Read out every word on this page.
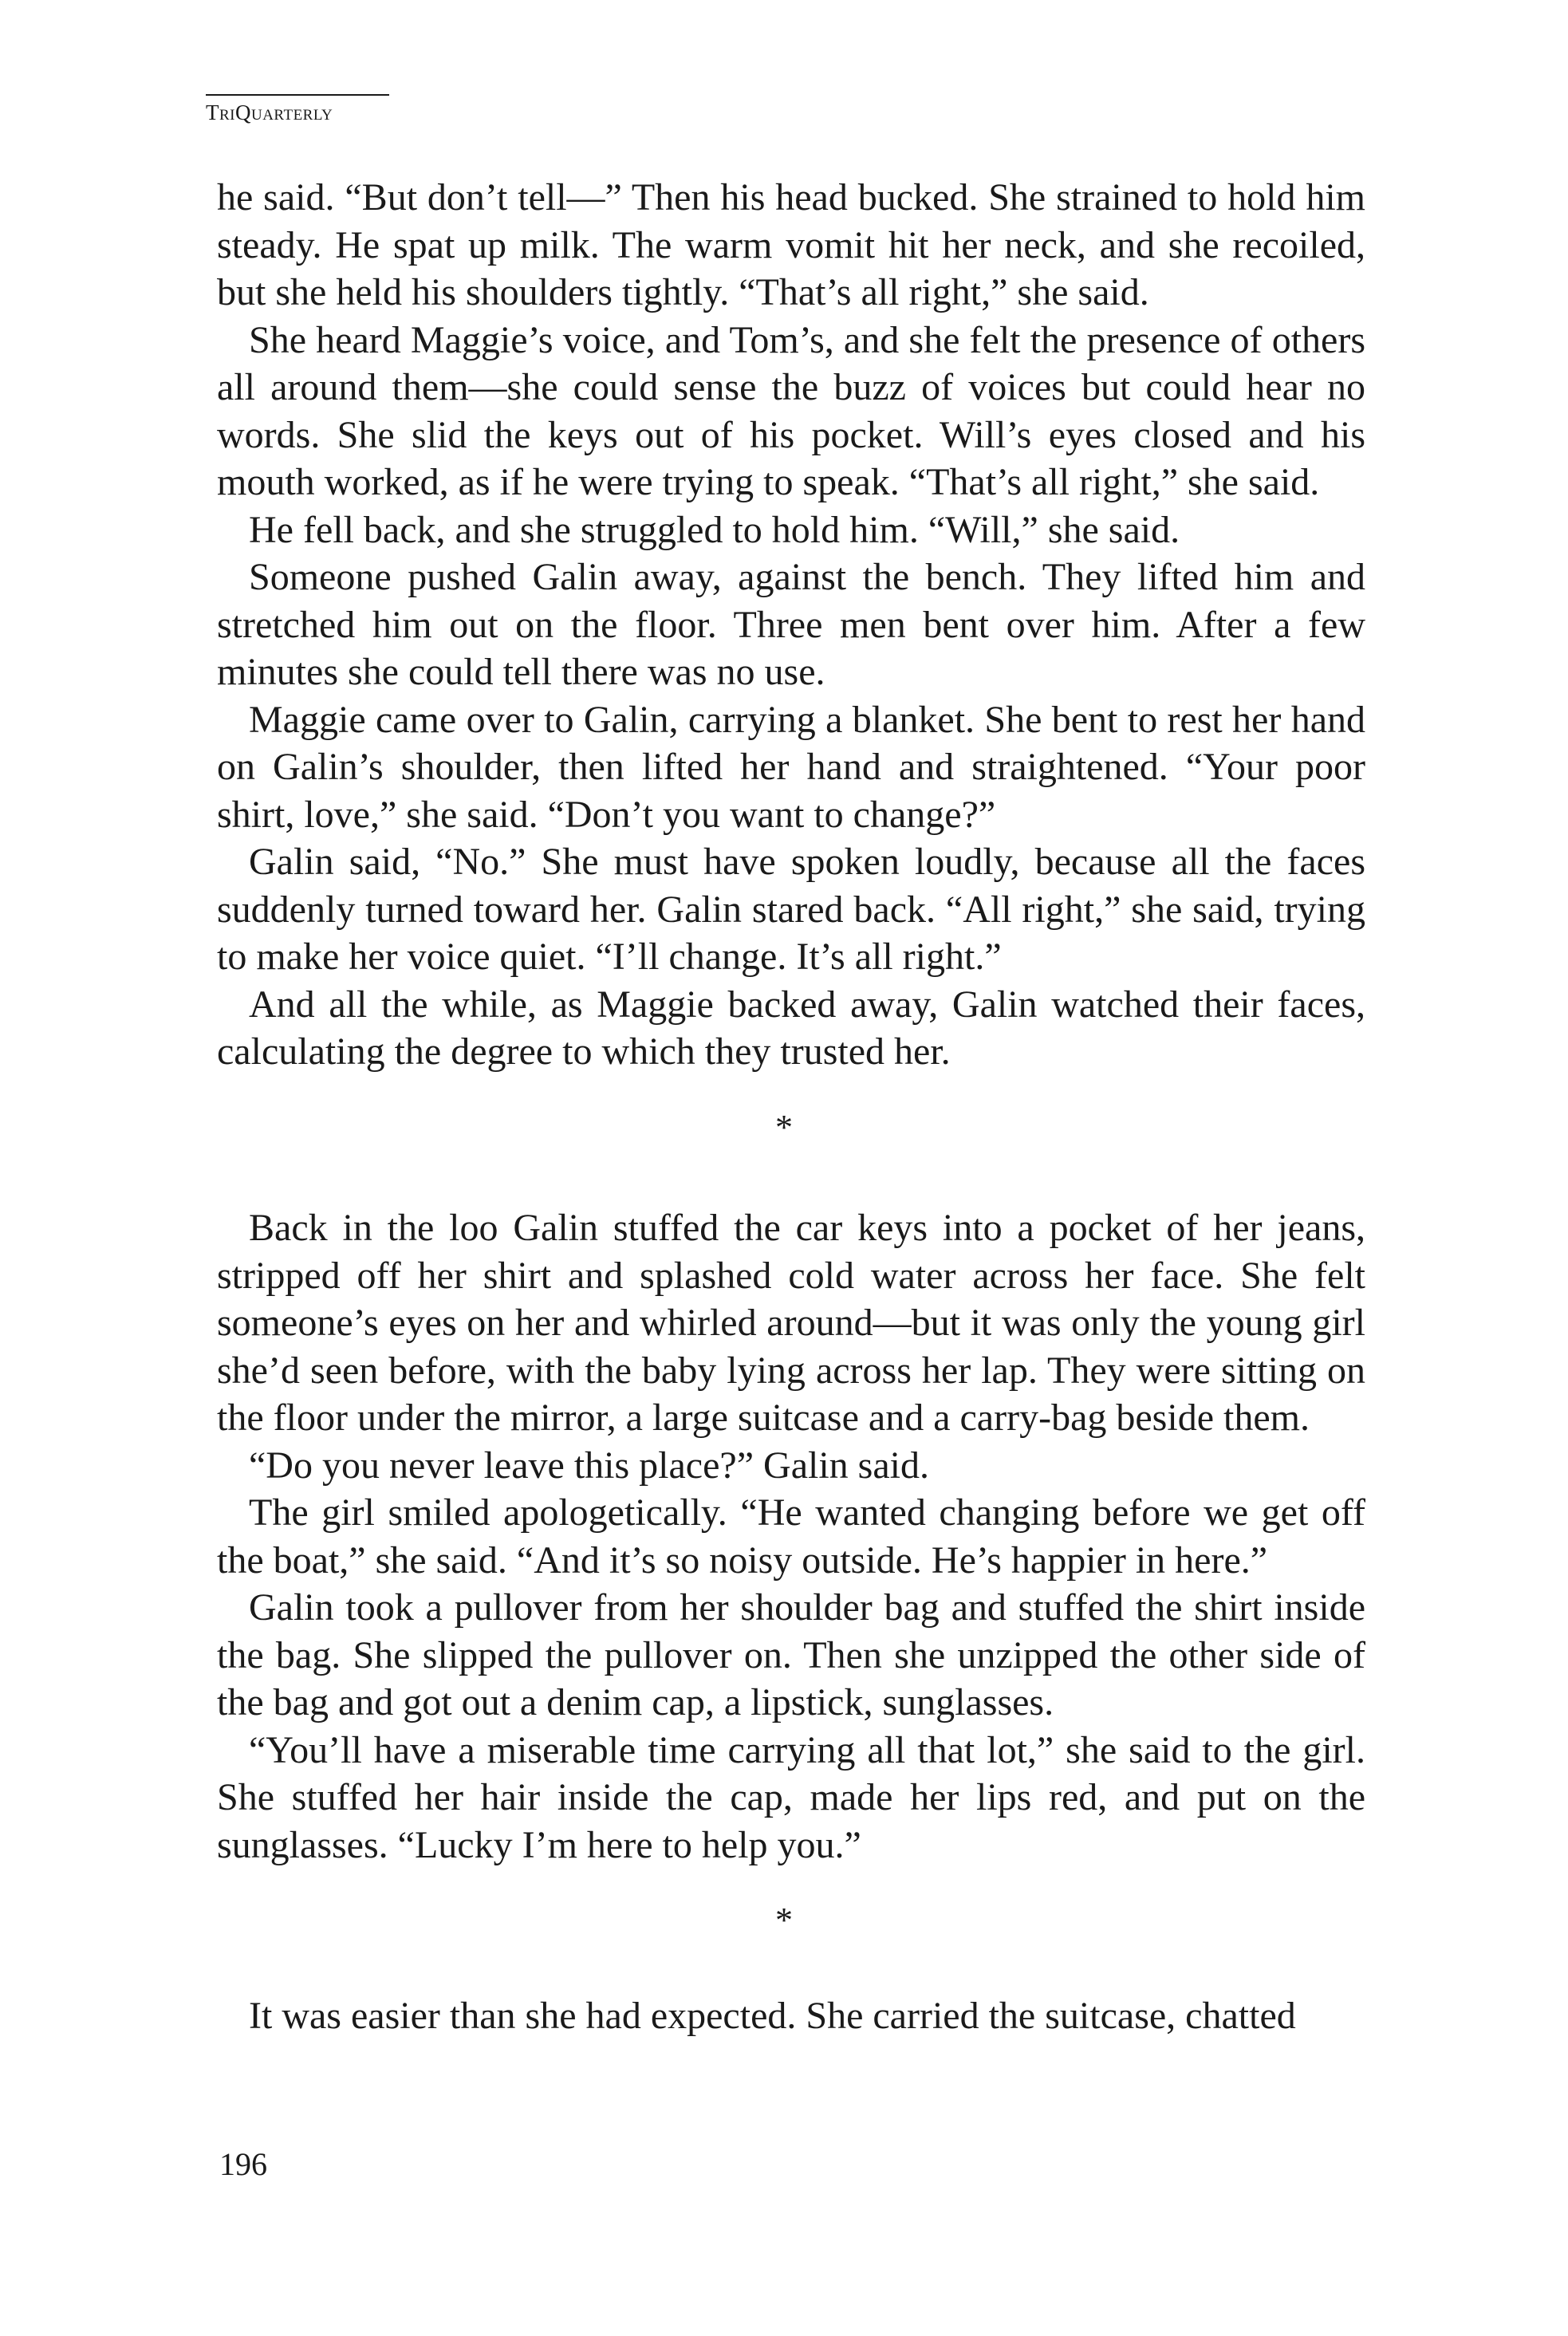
TriQuarterly

he said. “But don’t tell—” Then his head bucked. She strained to hold him steady. He spat up milk. The warm vomit hit her neck, and she recoiled, but she held his shoulders tightly. “That’s all right,” she said.

She heard Maggie’s voice, and Tom’s, and she felt the presence of others all around them—she could sense the buzz of voices but could hear no words. She slid the keys out of his pocket. Will’s eyes closed and his mouth worked, as if he were trying to speak. “That’s all right,” she said.

He fell back, and she struggled to hold him. “Will,” she said.

Someone pushed Galin away, against the bench. They lifted him and stretched him out on the floor. Three men bent over him. After a few minutes she could tell there was no use.

Maggie came over to Galin, carrying a blanket. She bent to rest her hand on Galin’s shoulder, then lifted her hand and straightened. “Your poor shirt, love,” she said. “Don’t you want to change?”

Galin said, “No.” She must have spoken loudly, because all the faces suddenly turned toward her. Galin stared back. “All right,” she said, trying to make her voice quiet. “I’ll change. It’s all right.”

And all the while, as Maggie backed away, Galin watched their faces, calculating the degree to which they trusted her.

*

Back in the loo Galin stuffed the car keys into a pocket of her jeans, stripped off her shirt and splashed cold water across her face. She felt someone’s eyes on her and whirled around—but it was only the young girl she’d seen before, with the baby lying across her lap. They were sitting on the floor under the mirror, a large suitcase and a carry-bag beside them.

“Do you never leave this place?” Galin said.

The girl smiled apologetically. “He wanted changing before we get off the boat,” she said. “And it’s so noisy outside. He’s happier in here.”

Galin took a pullover from her shoulder bag and stuffed the shirt inside the bag. She slipped the pullover on. Then she unzipped the other side of the bag and got out a denim cap, a lipstick, sunglasses.

“You’ll have a miserable time carrying all that lot,” she said to the girl. She stuffed her hair inside the cap, made her lips red, and put on the sunglasses. “Lucky I’m here to help you.”

*

It was easier than she had expected. She carried the suitcase, chatted

196
